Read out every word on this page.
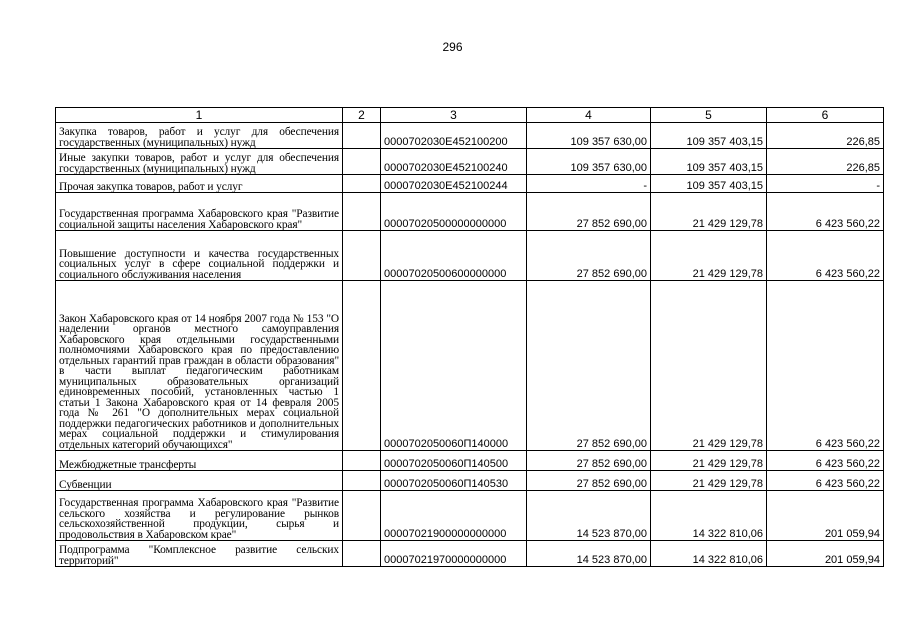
296
1	2	3	4	5	6
Закупка товаров, работ и услуг для обеспечения государственных (муниципальных) нужд		0000702030E452100200	109 357 630,00	109 357 403,15	226,85
Иные закупки товаров, работ и услуг для обеспечения государственных (муниципальных) нужд		0000702030E452100240	109 357 630,00	109 357 403,15	226,85
Прочая закупка товаров, работ и услуг		0000702030E452100244	-	109 357 403,15	-
Государственная программа Хабаровского края "Развитие социальной защиты населения Хабаровского края"		00007020500000000000	27 852 690,00	21 429 129,78	6 423 560,22
Повышение доступности и качества государственных социальных услуг в сфере социальной поддержки и социального обслуживания населения		00007020500600000000	27 852 690,00	21 429 129,78	6 423 560,22
Закон Хабаровского края от 14 ноября 2007 года № 153 "О наделении органов местного самоуправления Хабаровского края отдельными государственными полномочиями Хабаровского края по предоставлению отдельных гарантий прав граждан в области образования" в части выплат педагогическим работникам муниципальных образовательных организаций единовременных пособий, установленных частью 1 статьи 1 Закона Хабаровского края от 14 февраля 2005 года № 261 "О дополнительных мерах социальной поддержки педагогических работников и дополнительных мерах социальной поддержки и стимулирования отдельных категорий обучающихся"		0000702050060П140000	27 852 690,00	21 429 129,78	6 423 560,22
Межбюджетные трансферты		0000702050060П140500	27 852 690,00	21 429 129,78	6 423 560,22
Субвенции		0000702050060П140530	27 852 690,00	21 429 129,78	6 423 560,22
Государственная программа Хабаровского края "Развитие сельского хозяйства и регулирование рынков сельскохозяйственной продукции, сырья и продовольствия в Хабаровском крае"		00007021900000000000	14 523 870,00	14 322 810,06	201 059,94
Подпрограмма "Комплексное развитие сельских территорий"		00007021970000000000	14 523 870,00	14 322 810,06	201 059,94
